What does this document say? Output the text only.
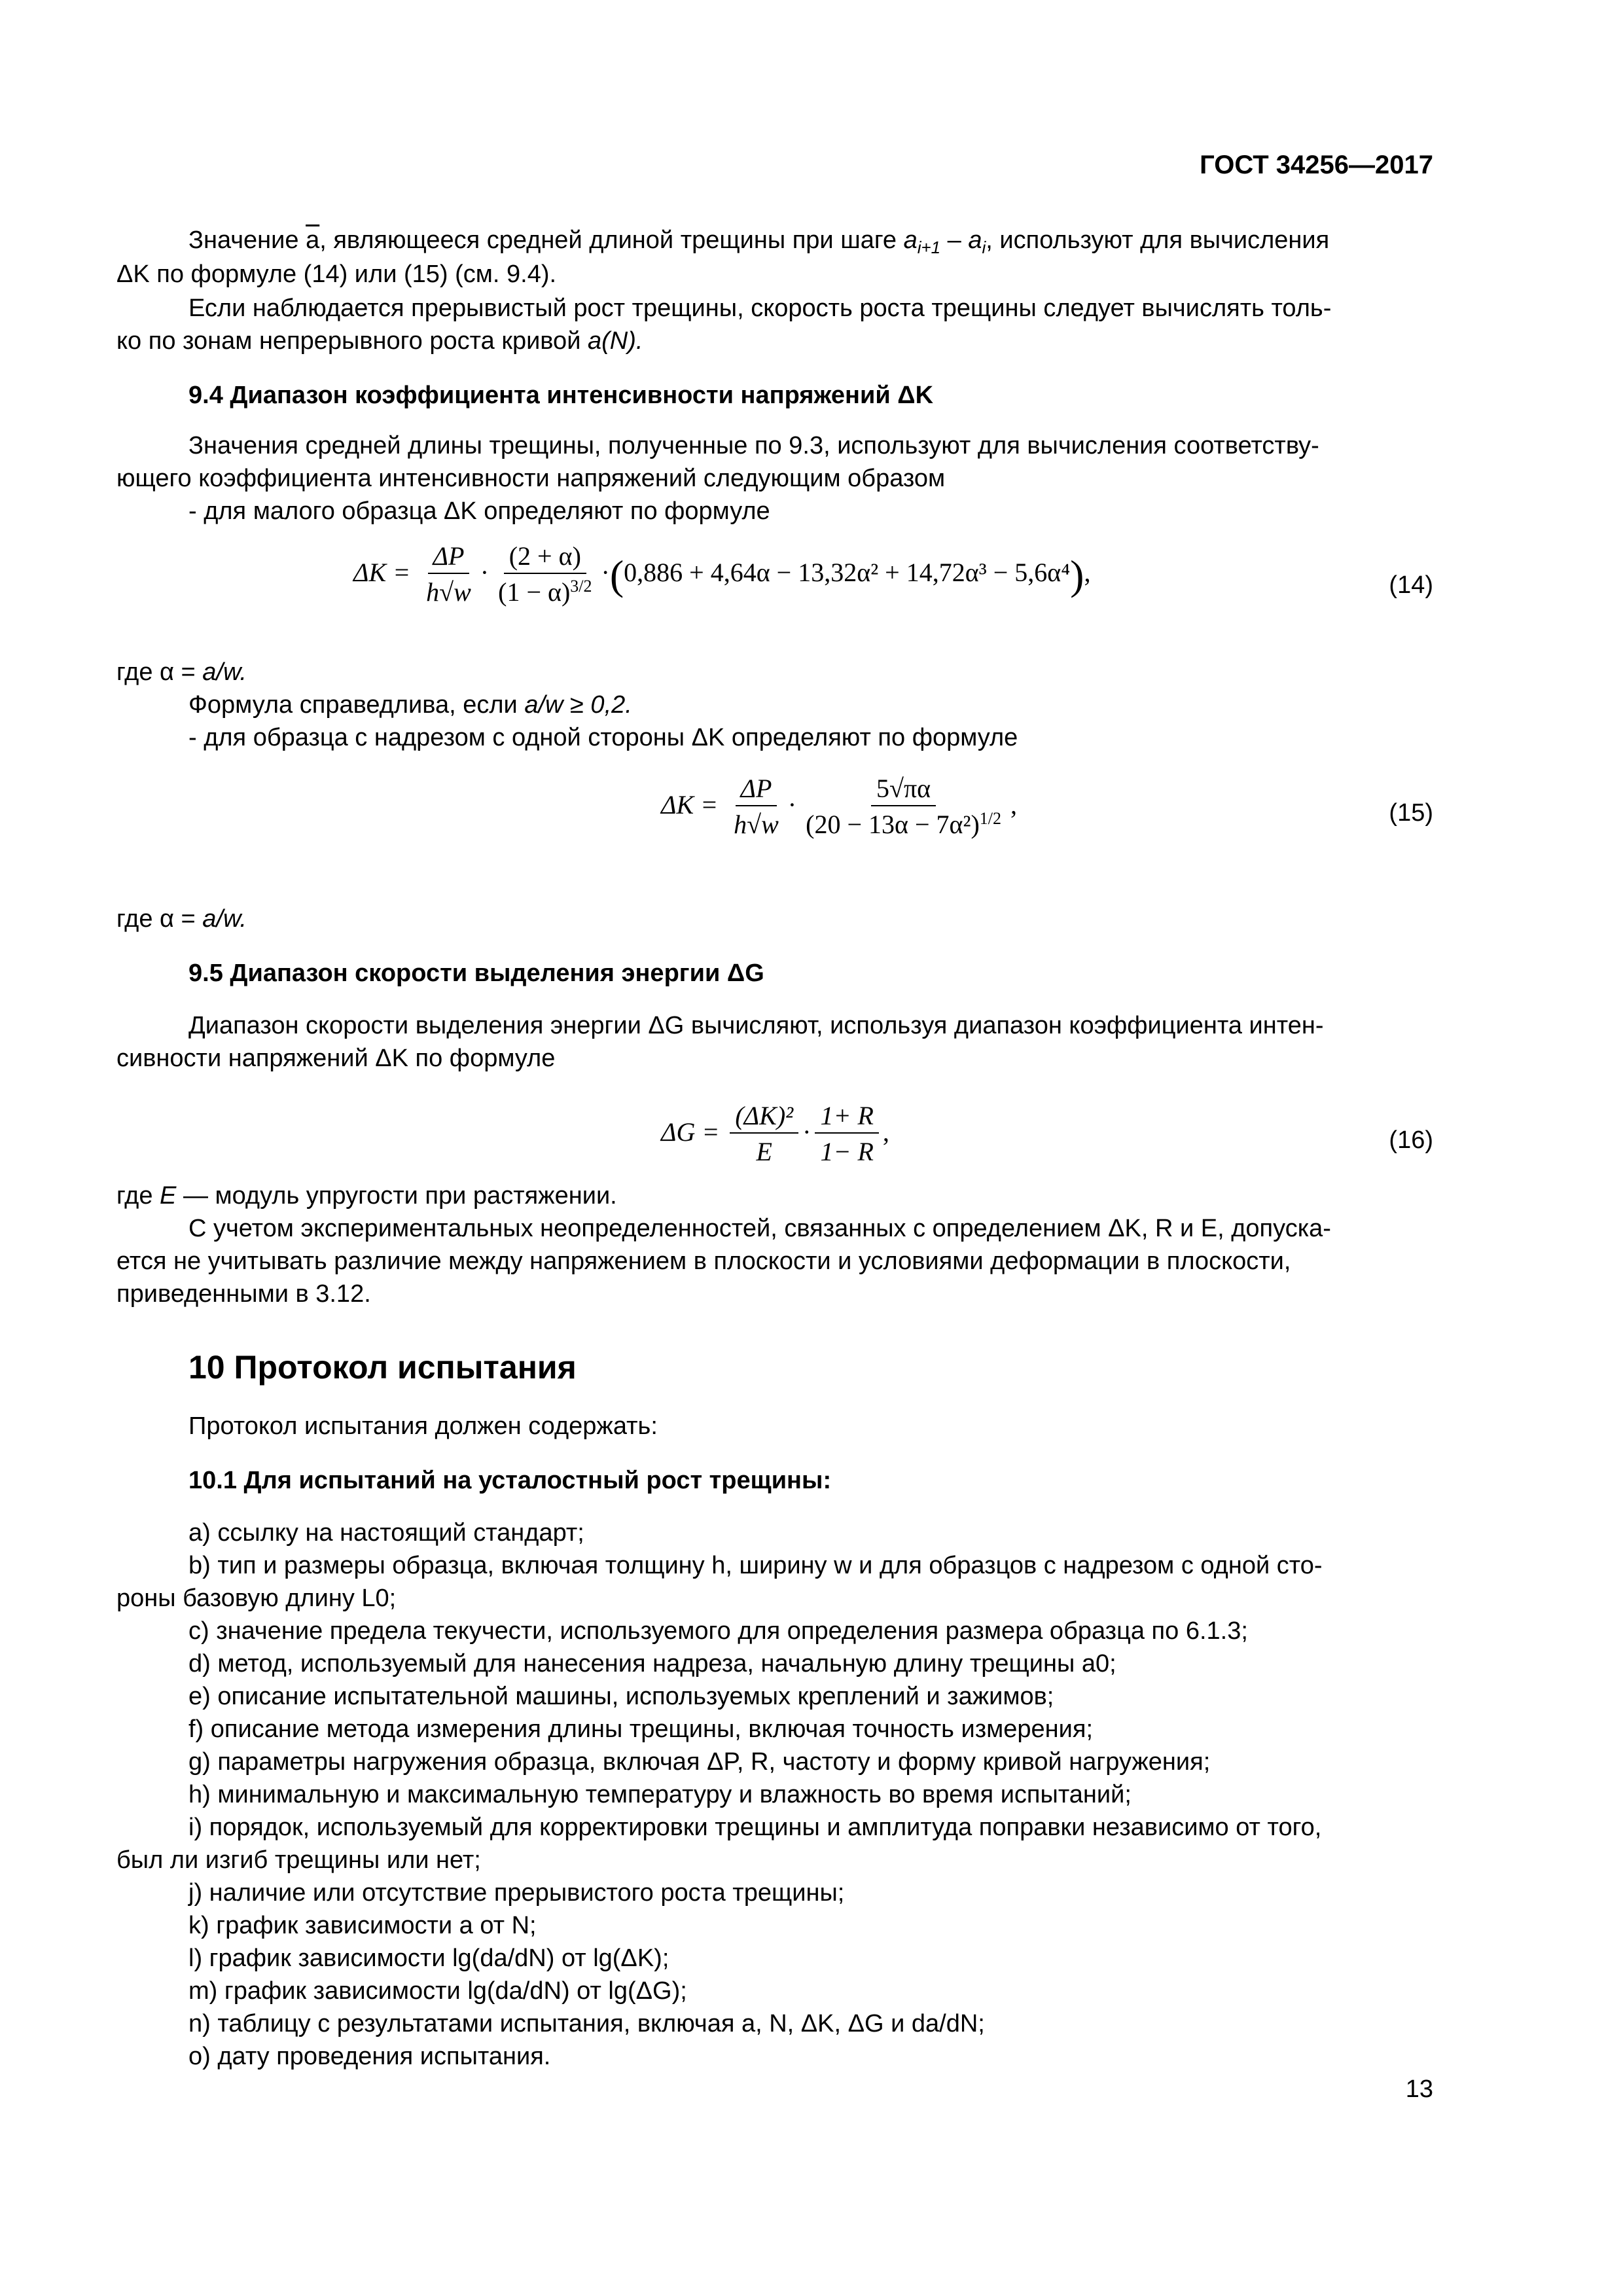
ГОСТ 34256—2017
Значение $\overline{a}$, являющееся средней длиной трещины при шаге $a_{i+1} - a_i$, используют для вычисления
ΔK по формуле (14) или (15) (см. 9.4).
Если наблюдается прерывистый рост трещины, скорость роста трещины следует вычислять толь-
ко по зонам непрерывного роста кривой a(N).
9.4 Диапазон коэффициента интенсивности напряжений ΔK
Значения средней длины трещины, полученные по 9.3, используют для вычисления соответству-
ющего коэффициента интенсивности напряжений следующим образом
- для малого образца ΔK определяют по формуле
$\Delta K = \frac{\Delta P}{h√w} \cdot \frac{(2 + \alpha)}{(1 - \alpha)^{3/2}} \cdot(0,886 + 4,64\alpha - 13,32\alpha^2 + 14,72\alpha^3 - 5,6\alpha^4)$,	(14)
где α = a/w.
Формула справедлива, если a/w ≥ 0,2.
- для образца с надрезом с одной стороны ΔK определяют по формуле
$\Delta K = \frac{\Delta P}{h√w} \cdot \frac{5√\pi\alpha}{(20 - 13\alpha - 7\alpha^2)^{1/2}}$ ,	(15)
где α = a/w.
9.5 Диапазон скорости выделения энергии ΔG
Диапазон скорости выделения энергии ΔG вычисляют, используя диапазон коэффициента интен-
сивности напряжений ΔK по формуле
$\Delta G = \frac{\text{(ΔK)²}}{E} \cdot \frac{1+ R}{1- R}$ ,	(16)
где E — модуль упругости при растяжении.
С учетом экспериментальных неопределенностей, связанных с определением ΔK, R и E, допуска-
ется не учитывать различие между напряжением в плоскости и условиями деформации в плоскости,
приведенными в 3.12.
10 Протокол испытания
Протокол испытания должен содержать:
10.1 Для испытаний на усталостный рост трещины:
а) ссылку на настоящий стандарт;
b) тип и размеры образца, включая толщину h, ширину w и для образцов с надрезом с одной сто-
роны базовую длину L0;
c) значение предела текучести, используемого для определения размера образца по 6.1.3;
d) метод, используемый для нанесения надреза, начальную длину трещины a0;
e) описание испытательной машины, используемых креплений и зажимов;
f) описание метода измерения длины трещины, включая точность измерения;
g) параметры нагружения образца, включая ΔP, R, частоту и форму кривой нагружения;
h) минимальную и максимальную температуру и влажность во время испытаний;
i) порядок, используемый для корректировки трещины и амплитуда поправки независимо от того,
был ли изгиб трещины или нет;
j) наличие или отсутствие прерывистого роста трещины;
k) график зависимости a от N;
l) график зависимости lg(da/dN) от lg(ΔK);
m) график зависимости lg(da/dN) от lg(ΔG);
n) таблицу с результатами испытания, включая a, N, ΔK, ΔG и da/dN;
o) дату проведения испытания.
13
